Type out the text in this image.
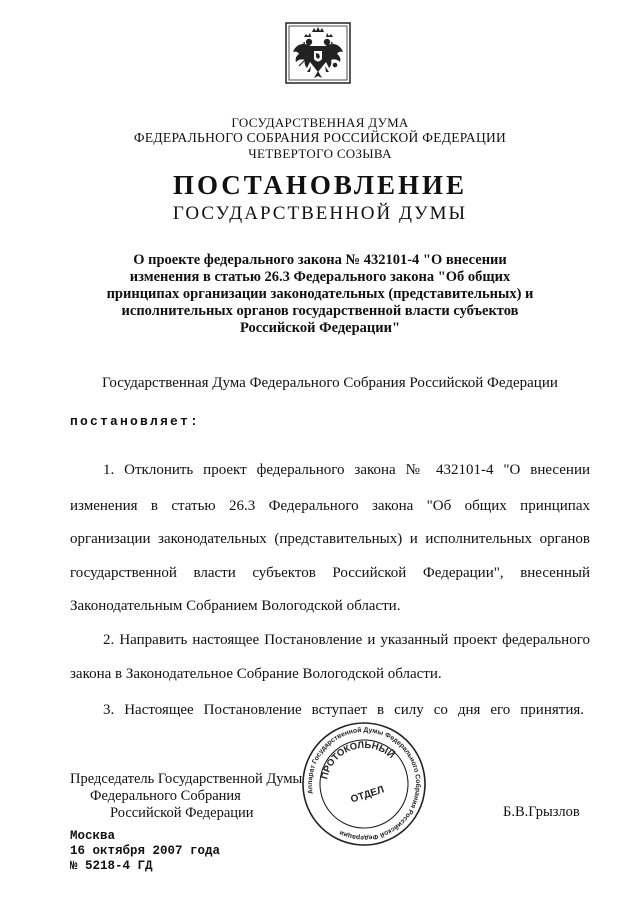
ГОСУДАРСТВЕННАЯ ДУМА
ФЕДЕРАЛЬНОГО СОБРАНИЯ РОССИЙСКОЙ ФЕДЕРАЦИИ
ЧЕТВЕРТОГО СОЗЫВА
ПОСТАНОВЛЕНИЕ
ГОСУДАРСТВЕННОЙ ДУМЫ
О проекте федерального закона № 432101-4 "О внесении
изменения в статью 26.3 Федерального закона "Об общих
принципах организации законодательных (представительных) и
исполнительных органов государственной власти субъектов
Российской Федерации"
Государственная Дума Федерального Собрания Российской Федерации
постановляет:
1. Отклонить проект федерального закона № 432101-4 "О внесении
изменения в статью 26.3 Федерального закона "Об общих принципах
организации законодательных (представительных) и исполнительных органов
государственной власти субъектов Российской Федерации", внесенный
Законодательным Собранием Вологодской области.
2. Направить настоящее Постановление и указанный проект федерального
закона в Законодательное Собрание Вологодской области.
3. Настоящее Постановление вступает в силу со дня его принятия.
Председатель Государственной Думы
Федерального Собрания
Российской Федерации	Б.В.Грызлов
Аппарат Государственной Думы Федерального Собрания Российской Федерации
ПРОТОКОЛЬНЫЙ
ОТДЕЛ
Москва
16 октября 2007 года
№ 5218-4 ГД
